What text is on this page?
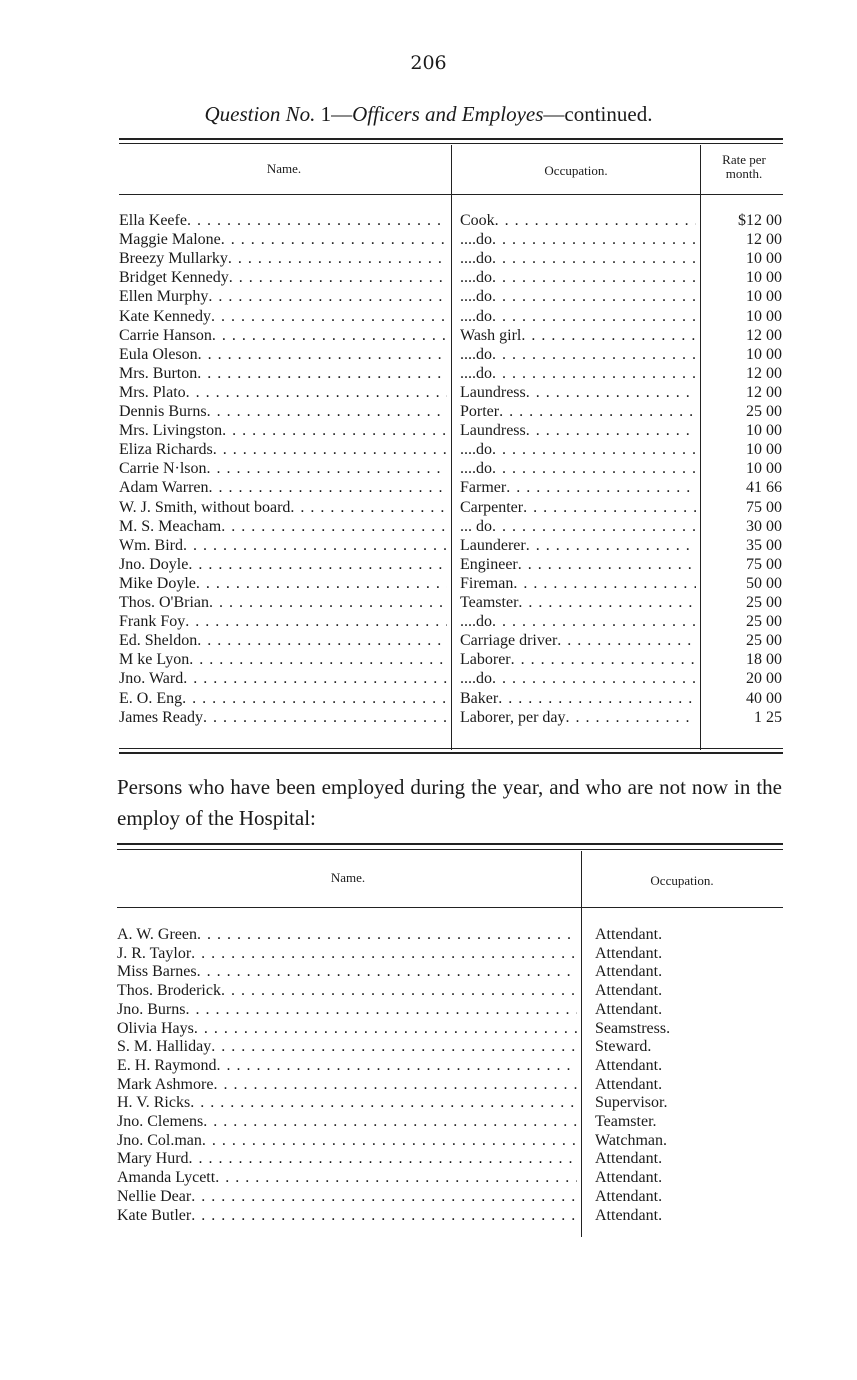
206
Question No. 1—Officers and Employes—continued.
Name.	Occupation.
Rate per month.
Ella Keefe . . .	Cook . . .	$12 00
Maggie Malone . . .	....do . . .	12 00
Breezy Mullarky . . .	....do . . .	10 00
Bridget Kennedy . . .	....do . . .	10 00
Ellen Murphy . . .	....do . . .	10 00
Kate Kennedy . . .	....do . . .	10 00
Carrie Hanson . . .	Wash girl . . .	12 00
Eula Oleson . . .	....do . . .	10 00
Mrs. Burton . . .	....do . . .	12 00
Mrs. Plato . . .	Laundress . . .	12 00
Dennis Burns . . .	Porter . . .	25 00
Mrs. Livingston . . .	Laundress . . .	10 00
Eliza Richards . . .	....do . . .	10 00
Carrie N·lson . . .	....do . . .	10 00
Adam Warren . . .	Farmer . . .	41 66
W. J. Smith, without board . . .	Carpenter . . .	75 00
M. S. Meacham . . .	... do . . .	30 00
Wm. Bird . . .	Launderer . . .	35 00
Jno. Doyle . . .	Engineer . . .	75 00
Mike Doyle . . .	Fireman . . .	50 00
Thos. O'Brian . . .	Teamster . . .	25 00
Frank Foy . . .	....do . . .	25 00
Ed. Sheldon . . .	Carriage driver . . .	25 00
M ke Lyon . . .	Laborer . . .	18 00
Jno. Ward . . .	....do . . .	20 00
E. O. Eng . . .	Baker . . .	40 00
James Ready . . .	Laborer, per day . . .	1 25
Persons who have been employed during the year, and who are not now in the employ of the Hospital:
Name.	Occupation.
A. W. Green . . .	Attendant.
J. R. Taylor . . .	Attendant.
Miss Barnes . . .	Attendant.
Thos. Broderick . . .	Attendant.
Jno. Burns . . .	Attendant.
Olivia Hays . . .	Seamstress.
S. M. Halliday . . .	Steward.
E. H. Raymond . . .	Attendant.
Mark Ashmore . . .	Attendant.
H. V. Ricks . . .	Supervisor.
Jno. Clemens . . .	Teamster.
Jno. Col.man . . .	Watchman.
Mary Hurd . . .	Attendant.
Amanda Lycett . . .	Attendant.
Nellie Dear . . .	Attendant.
Kate Butler . . .	Attendant.
